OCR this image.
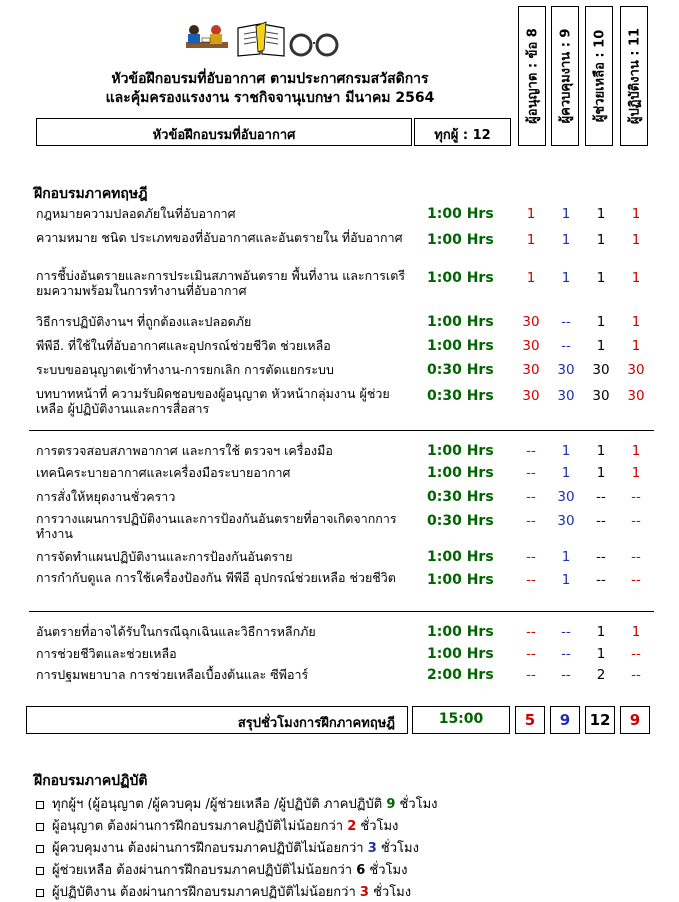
หัวข้อฝึกอบรมที่อับอากาศ ตามประกาศกรมสวัสดิการ
และคุ้มครองแรงงาน ราชกิจจานุเบกษา มีนาคม 2564
หัวข้อฝึกอบรมที่อับอากาศ	ทุกผู้ : 12
ผู้อนุญาต : ข้อ 8	ผู้ควบคุมงาน : 9	ผู้ช่วยเหลือ : 10	ผู้ปฏิบัติงาน : 11
ฝึกอบรมภาคทฤษฎี
กฎหมายความปลอดภัยในที่อับอากาศ	1:00 Hrs	1	1	1	1
ความหมาย ชนิด ประเภทของที่อับอากาศและอันตรายใน ที่อับอากาศ 1:00 Hrs	1	1	1	1
การชี้บ่งอันตรายและการประเมินสภาพอันตราย พื้นที่งาน และการเตรียมความพร้อมในการทำงานที่อับอากาศ
1:00 Hrs	1	1	1	1
วิธีการปฏิบัติงานฯ ที่ถูกต้องและปลอดภัย	1:00 Hrs	30	--	1	1
พีพีอี. ที่ใช้ในที่อับอากาศและอุปกรณ์ช่วยชีวิต ช่วยเหลือ	1:00 Hrs	30	--	1	1
ระบบขออนุญาตเข้าทำงาน-การยกเลิก การตัดแยกระบบ	0:30 Hrs	30	30	30	30
บทบาทหน้าที่ ความรับผิดชอบของผู้อนุญาต หัวหน้ากลุ่มงาน ผู้ช่วยเหลือ ผู้ปฏิบัติงานและการสื่อสาร
0:30 Hrs	30	30	30	30
การตรวจสอบสภาพอากาศ และการใช้ ตรวจฯ เครื่องมือ	1:00 Hrs	--	1	1	1
เทคนิคระบายอากาศและเครื่องมือระบายอากาศ	1:00 Hrs	--	1	1	1
การสั่งให้หยุดงานชั่วคราว	0:30 Hrs	--	30	--	--
การวางแผนการปฏิบัติงานและการป้องกันอันตรายที่อาจเกิดจากการทำงาน
0:30 Hrs	--	30	--	--
การจัดทำแผนปฏิบัติงานและการป้องกันอันตราย	1:00 Hrs	--	1	--	--
การกำกับดูแล การใช้เครื่องป้องกัน พีพีอี อุปกรณ์ช่วยเหลือ ช่วยชีวิต	1:00 Hrs	--	1	--	--
อันตรายที่อาจได้รับในกรณีฉุกเฉินและวิธีการหลีกภัย	1:00 Hrs	--	--	1	1
การช่วยชีวิตและช่วยเหลือ	1:00 Hrs	--	--	1	--
การปฐมพยาบาล การช่วยเหลือเบื้องต้นและ ซีพีอาร์	2:00 Hrs	--	--	2	--
สรุปชั่วโมงการฝึกภาคทฤษฎี	15:00	5	9	12	9
ฝึกอบรมภาคปฏิบัติ
ทุกผู้ฯ (ผู้อนุญาต /ผู้ควบคุม /ผู้ช่วยเหลือ /ผู้ปฏิบัติ ภาคปฏิบัติ 9 ชั่วโมง
ผู้อนุญาต ต้องผ่านการฝึกอบรมภาคปฏิบัติไม่น้อยกว่า 2 ชั่วโมง
ผู้ควบคุมงาน ต้องผ่านการฝึกอบรมภาคปฏิบัติไม่น้อยกว่า 3 ชั่วโมง
ผู้ช่วยเหลือ ต้องผ่านการฝึกอบรมภาคปฏิบัติไม่น้อยกว่า 6 ชั่วโมง
ผู้ปฏิบัติงาน ต้องผ่านการฝึกอบรมภาคปฏิบัติไม่น้อยกว่า 3 ชั่วโมง
